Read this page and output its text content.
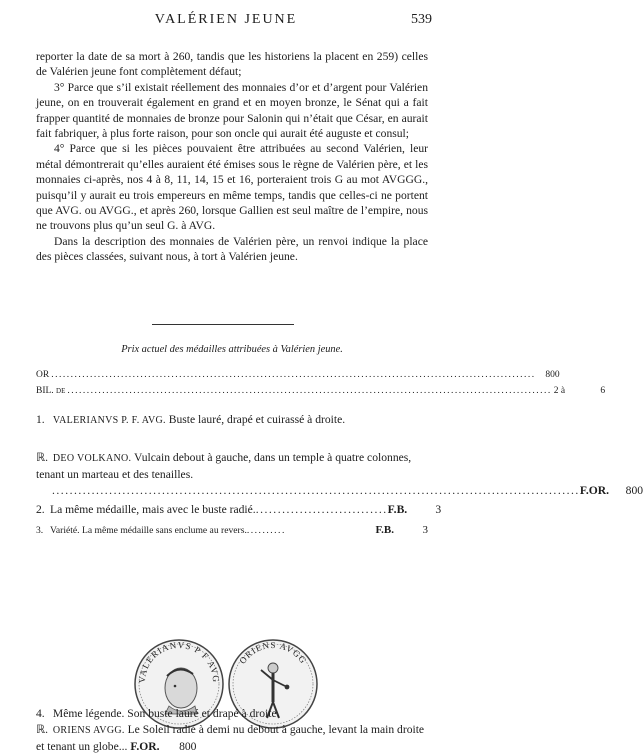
VALÉRIEN JEUNE	539

reporter la date de sa mort à 260, tandis que les historiens la placent en 259) celles de Valérien jeune font complètement défaut;

3° Parce que s’il existait réellement des monnaies d’or et d’argent pour Valérien jeune, on en trouverait également en grand et en moyen bronze, le Sénat qui a fait frapper quantité de monnaies de bronze pour Salonin qui n’était que César, en aurait fait fabriquer, à plus forte raison, pour son oncle qui aurait été auguste et consul;

4° Parce que si les pièces pouvaient être attribuées au second Valérien, leur métal démontrerait qu’elles auraient été émises sous le règne de Valérien père, et les monnaies ci-après, nos 4 à 8, 11, 14, 15 et 16, porteraient trois G au mot AVGGG., puisqu’il y aurait eu trois empereurs en même temps, tandis que celles-ci ne portent que AVG. ou AVGG., et après 260, lorsque Gallien est seul maître de l’empire, nous ne trouvons plus qu’un seul G. à AVG.

Dans la description des monnaies de Valérien père, un renvoi indique la place des pièces classées, suivant nous, à tort à Valérien jeune.

Prix actuel des médailles attribuées à Valérien jeune.
OR .............................................................................................................................	800
BIL. de ............................................................................................................................. 2 à	6
1. VALERIANVS P. F. AVG. Buste lauré, drapé et cuirassé à droite.
ℝ. DEO VOLKANO. Vulcain debout à gauche, dans un temple à quatre colonnes, tenant un marteau et des tenailles.
........................................................................................................................ F.OR.	800
2. La même médaille, mais avec le buste radié. .............................. F.B.	3
3. Variété. La même médaille sans enclume au revers. ..........	F.B.	3
VALERIANVS P F AVG
ORIENS AVGG
4. Même légende. Son buste lauré et drapé à droite.
ℝ. ORIENS AVGG. Le Soleil radié à demi nu debout à gauche, levant la main droite et tenant un globe... F.OR. 800
